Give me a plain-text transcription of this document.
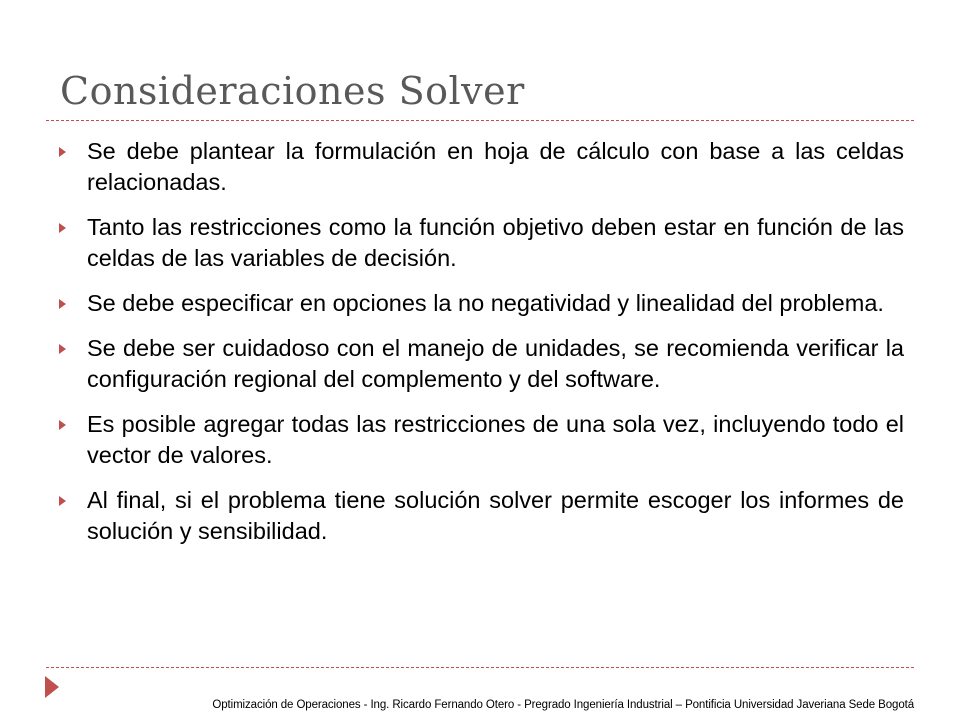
Consideraciones Solver
Se debe plantear la formulación en hoja de cálculo con base a las celdas relacionadas.
Tanto las restricciones como la función objetivo deben estar en función de las celdas de las variables de decisión.
Se debe especificar en opciones la no negatividad y linealidad del problema.
Se debe ser cuidadoso con el manejo de unidades, se recomienda verificar la configuración regional del complemento y del software.
Es posible agregar todas las restricciones de una sola vez, incluyendo todo el vector de valores.
Al final, si el problema tiene solución solver permite escoger los informes de solución y sensibilidad.
Optimización de Operaciones - Ing. Ricardo Fernando Otero - Pregrado Ingeniería Industrial – Pontificia Universidad Javeriana Sede Bogotá
